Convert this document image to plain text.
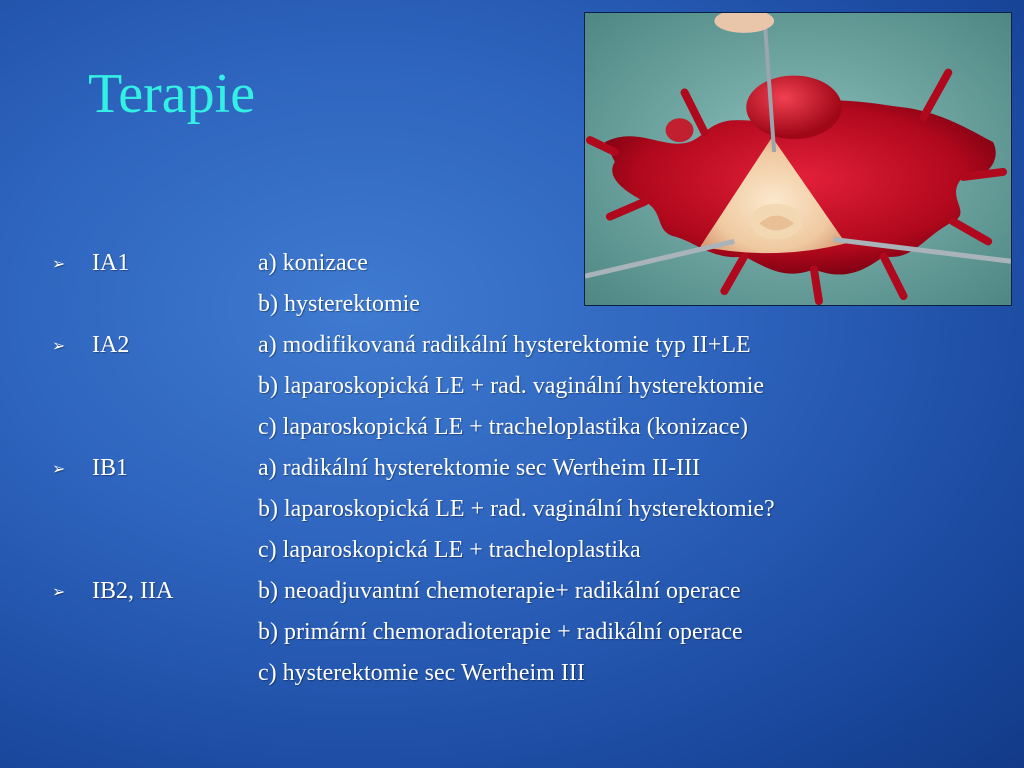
Terapie
➢ IA1	a) konizace
b) hysterektomie
➢ IA2	a) modifikovaná radikální hysterektomie typ II+LE
b) laparoskopická LE + rad. vaginální hysterektomie
c) laparoskopická LE + tracheloplastika (konizace)
➢ IB1	a) radikální hysterektomie sec Wertheim II-III
b) laparoskopická LE + rad. vaginální hysterektomie?
c) laparoskopická LE + tracheloplastika
➢ IB2, IIA	b) neoadjuvantní chemoterapie+ radikální operace
b) primární chemoradioterapie + radikální operace
c) hysterektomie sec Wertheim III
